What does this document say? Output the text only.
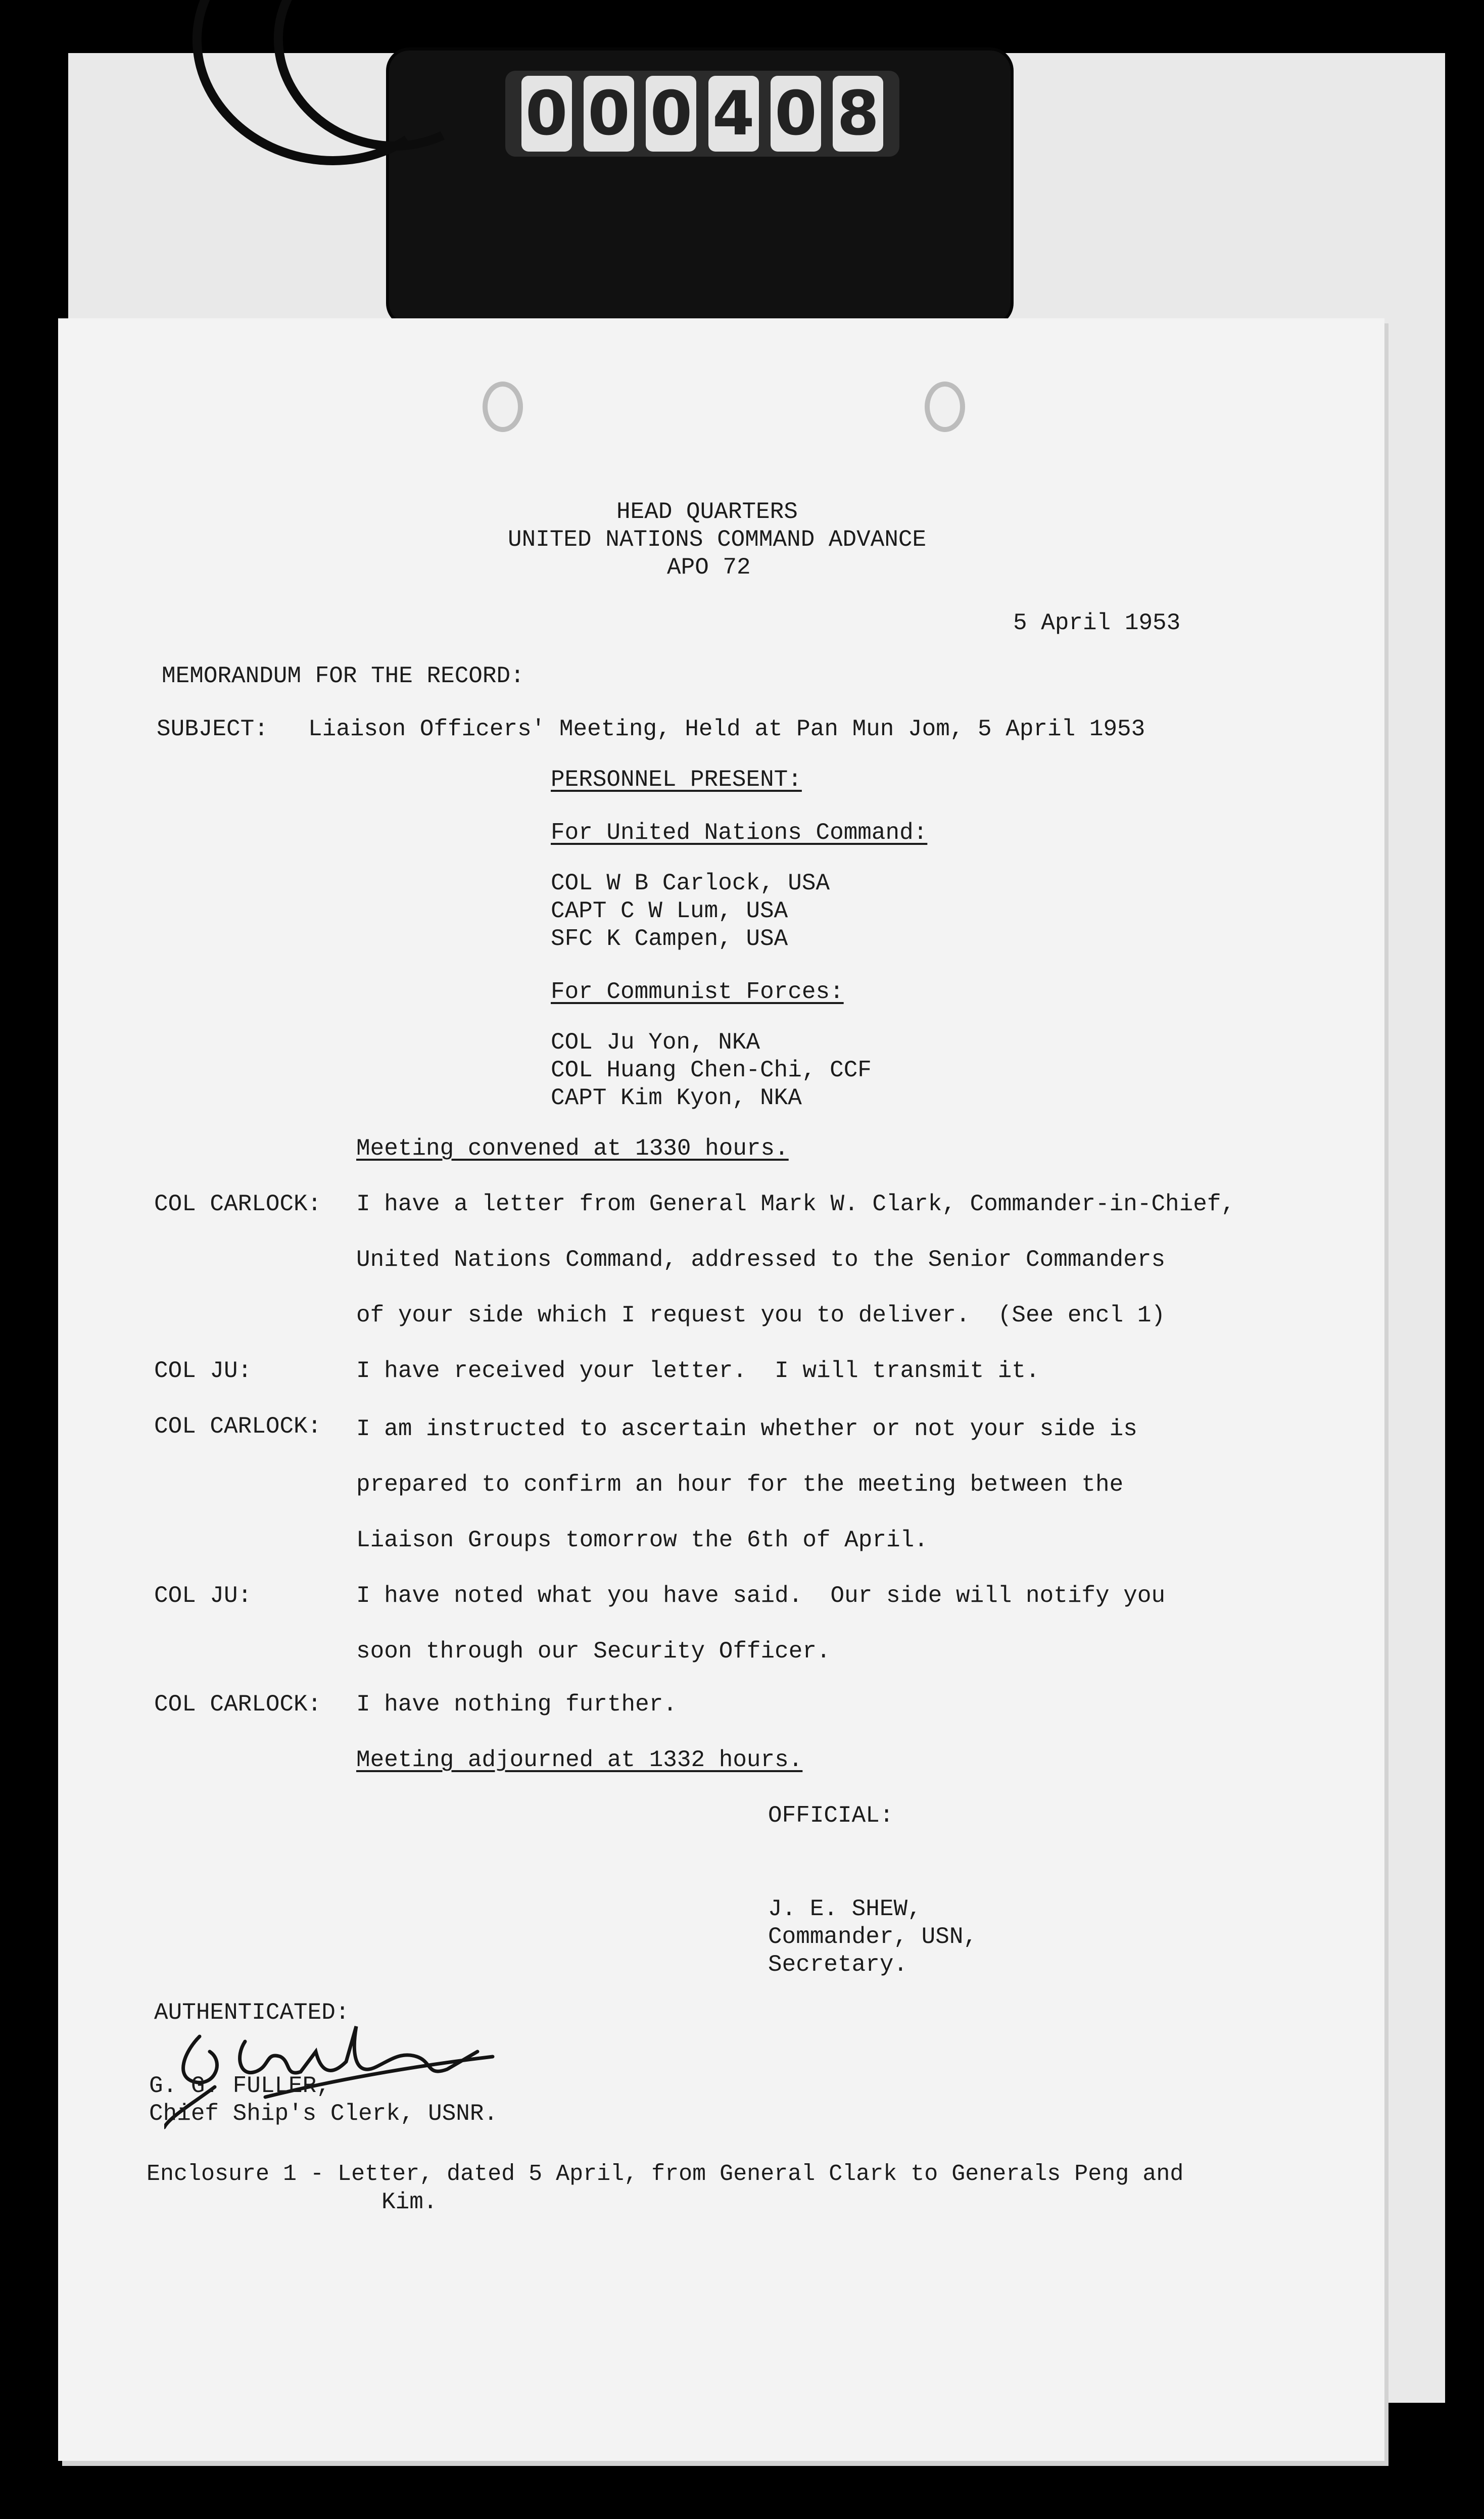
0 0 0 4 0 8

HEAD QUARTERS

UNITED NATIONS COMMAND ADVANCE

APO 72

5 April 1953

MEMORANDUM FOR THE RECORD:

SUBJECT: Liaison Officers' Meeting, Held at Pan Mun Jom, 5 April 1953

PERSONNEL PRESENT:

For United Nations Command:

COL W B Carlock, USA

CAPT C W Lum, USA

SFC K Campen, USA

For Communist Forces:

COL Ju Yon, NKA

COL Huang Chen-Chi, CCF

CAPT Kim Kyon, NKA

Meeting convened at 1330 hours.

COL CARLOCK: I have a letter from General Mark W. Clark, Commander-in-Chief,

United Nations Command, addressed to the Senior Commanders

of your side which I request you to deliver.  (See encl 1)

COL JU:	I have received your letter.  I will transmit it.

COL CARLOCK: I am instructed to ascertain whether or not your side is

prepared to confirm an hour for the meeting between the

Liaison Groups tomorrow the 6th of April.

COL JU:	I have noted what you have said.  Our side will notify you

soon through our Security Officer.

COL CARLOCK: I have nothing further.

Meeting adjourned at 1332 hours.

OFFICIAL:

J. E. SHEW,

Commander, USN,

Secretary.

AUTHENTICATED:

G. G. FULLER,

Chief Ship's Clerk, USNR.

Enclosure 1 - Letter, dated 5 April, from General Clark to Generals Peng and

Kim.
